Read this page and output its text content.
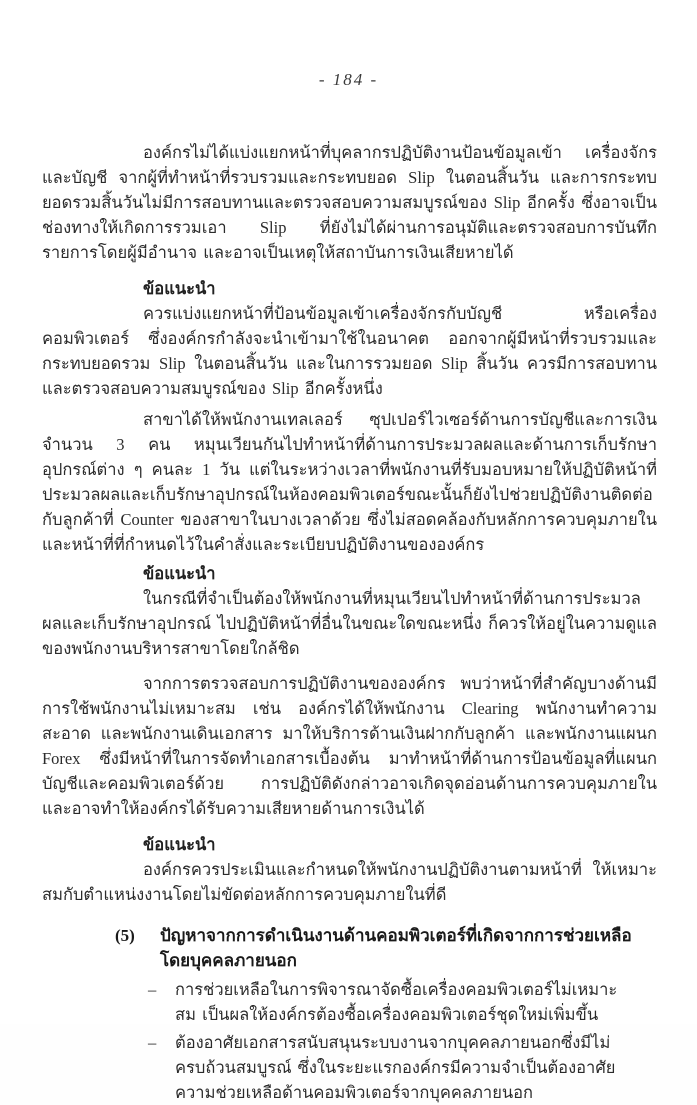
- 184 -

องค์กรไม่ได้แบ่งแยกหน้าที่บุคลากรปฏิบัติงานป้อนข้อมูลเข้า เครื่องจักรและบัญชี จากผู้ที่ทำหน้าที่รวบรวมและกระทบยอด Slip ในตอนสิ้นวัน และการกระทบยอดรวมสิ้นวันไม่มีการสอบทานและตรวจสอบความสมบูรณ์ของ Slip อีกครั้ง ซึ่งอาจเป็นช่องทางให้เกิดการรวมเอา Slip ที่ยังไม่ได้ผ่านการอนุมัติและตรวจสอบการบันทึกรายการโดยผู้มีอำนาจ และอาจเป็นเหตุให้สถาบันการเงินเสียหายได้

ข้อแนะนำ

ควรแบ่งแยกหน้าที่ป้อนข้อมูลเข้าเครื่องจักรกับบัญชี หรือเครื่องคอมพิวเตอร์ ซึ่งองค์กรกำลังจะนำเข้ามาใช้ในอนาคต ออกจากผู้มีหน้าที่รวบรวมและกระทบยอดรวม Slip ในตอนสิ้นวัน และในการรวมยอด Slip สิ้นวัน ควรมีการสอบทานและตรวจสอบความสมบูรณ์ของ Slip อีกครั้งหนึ่ง

สาขาได้ให้พนักงานเทลเลอร์ ซุปเปอร์ไวเซอร์ด้านการบัญชีและการเงินจำนวน 3 คน หมุนเวียนกันไปทำหน้าที่ด้านการประมวลผลและด้านการเก็บรักษาอุปกรณ์ต่าง ๆ คนละ 1 วัน แต่ในระหว่างเวลาที่พนักงานที่รับมอบหมายให้ปฏิบัติหน้าที่ประมวลผลและเก็บรักษาอุปกรณ์ในห้องคอมพิวเตอร์ขณะนั้นก็ยังไปช่วยปฏิบัติงานติดต่อกับลูกค้าที่ Counter ของสาขาในบางเวลาด้วย ซึ่งไม่สอดคล้องกับหลักการควบคุมภายใน และหน้าที่ที่กำหนดไว้ในคำสั่งและระเบียบปฏิบัติงานขององค์กร

ข้อแนะนำ

ในกรณีที่จำเป็นต้องให้พนักงานที่หมุนเวียนไปทำหน้าที่ด้านการประมวลผลและเก็บรักษาอุปกรณ์ ไปปฏิบัติหน้าที่อื่นในขณะใดขณะหนึ่ง ก็ควรให้อยู่ในความดูแลของพนักงานบริหารสาขาโดยใกล้ชิด

จากการตรวจสอบการปฏิบัติงานขององค์กร พบว่าหน้าที่สำคัญบางด้านมีการใช้พนักงานไม่เหมาะสม เช่น องค์กรได้ให้พนักงาน Clearing พนักงานทำความสะอาด และพนักงานเดินเอกสาร มาให้บริการด้านเงินฝากกับลูกค้า และพนักงานแผนก Forex ซึ่งมีหน้าที่ในการจัดทำเอกสารเบื้องต้น มาทำหน้าที่ด้านการป้อนข้อมูลที่แผนกบัญชีและคอมพิวเตอร์ด้วย การปฏิบัติดังกล่าวอาจเกิดจุดอ่อนด้านการควบคุมภายใน และอาจทำให้องค์กรได้รับความเสียหายด้านการเงินได้

ข้อแนะนำ

องค์กรควรประเมินและกำหนดให้พนักงานปฏิบัติงานตามหน้าที่ ให้เหมาะสมกับตำแหน่งงานโดยไม่ขัดต่อหลักการควบคุมภายในที่ดี

(5)	ปัญหาจากการดำเนินงานด้านคอมพิวเตอร์ที่เกิดจากการช่วยเหลือโดยบุคคลภายนอก
–	การช่วยเหลือในการพิจารณาจัดซื้อเครื่องคอมพิวเตอร์ไม่เหมาะสม เป็นผลให้องค์กรต้องซื้อเครื่องคอมพิวเตอร์ชุดใหม่เพิ่มขึ้น
–	ต้องอาศัยเอกสารสนับสนุนระบบงานจากบุคคลภายนอกซึ่งมีไม่ครบถ้วนสมบูรณ์ ซึ่งในระยะแรกองค์กรมีความจำเป็นต้องอาศัยความช่วยเหลือด้านคอมพิวเตอร์จากบุคคลภายนอก
